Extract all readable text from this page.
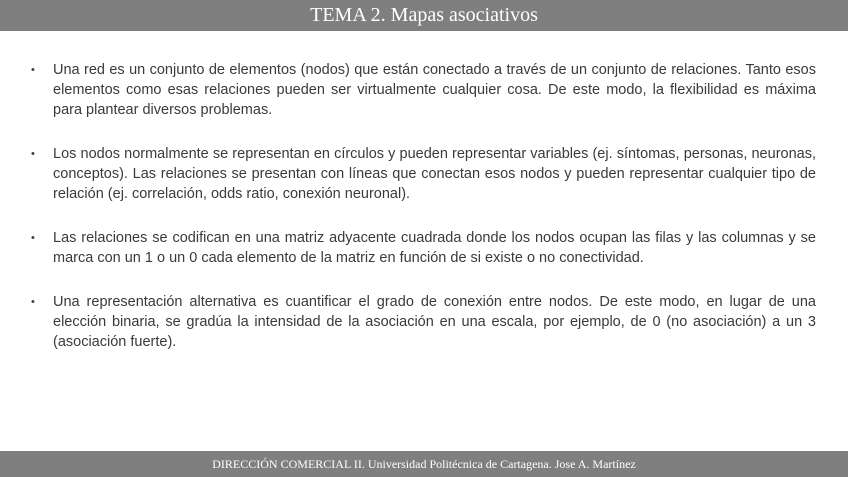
TEMA 2. Mapas asociativos
•	Una red es un conjunto de elementos (nodos) que están conectado a través de un conjunto de relaciones. Tanto esos elementos como esas relaciones pueden ser virtualmente cualquier cosa. De este modo, la flexibilidad es máxima para plantear diversos problemas.

•	Los nodos normalmente se representan en círculos y pueden representar variables (ej. síntomas, personas, neuronas, conceptos). Las relaciones se presentan con líneas que conectan esos nodos y pueden representar cualquier tipo de relación (ej. correlación, odds ratio, conexión neuronal).

•	Las relaciones se codifican en una matriz adyacente cuadrada donde los nodos ocupan las filas y las columnas y se marca con un 1 o un 0 cada elemento de la matriz en función de si existe o no conectividad.

•	Una representación alternativa es cuantificar el grado de conexión entre nodos. De este modo, en lugar de una elección binaria, se gradúa la intensidad de la asociación en una escala, por ejemplo, de 0 (no asociación) a un 3 (asociación fuerte).

DIRECCIÓN COMERCIAL II. Universidad Politécnica de Cartagena. Jose A. Martínez
